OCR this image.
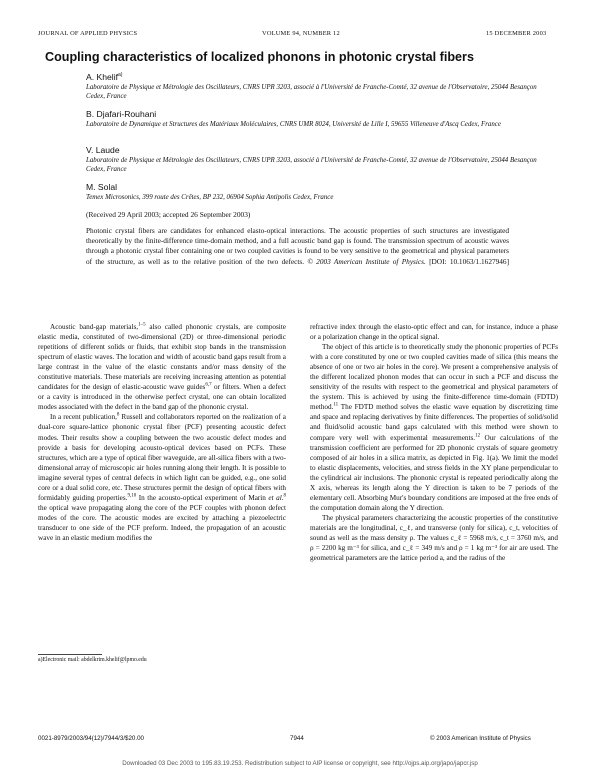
JOURNAL OF APPLIED PHYSICS	VOLUME 94, NUMBER 12	15 DECEMBER 2003
Coupling characteristics of localized phonons in photonic crystal fibers
A. Khelif$^{a)}$
Laboratoire de Physique et Métrologie des Oscillateurs, CNRS UPR 3203, associé à l'Université de Franche-Comté, 32 avenue de l'Observatoire, 25044 Besançon Cedex, France
B. Djafari-Rouhani
Laboratoire de Dynamique et Structures des Matériaux Moléculaires, CNRS UMR 8024, Université de Lille I, 59655 Villeneuve d'Ascq Cedex, France
V. Laude
Laboratoire de Physique et Métrologie des Oscillateurs, CNRS UPR 3203, associé à l'Université de Franche-Comté, 32 avenue de l'Observatoire, 25044 Besançon Cedex, France
M. Solal
Temex Microsonics, 399 route des Crêtes, BP 232, 06904 Sophia Antipolis Cedex, France
(Received 29 April 2003; accepted 26 September 2003)
Photonic crystal fibers are candidates for enhanced elasto-optical interactions. The acoustic properties of such structures are investigated theoretically by the finite-difference time-domain method, and a full acoustic band gap is found. The transmission spectrum of acoustic waves through a photonic crystal fiber containing one or two coupled cavities is found to be very sensitive to the geometrical and physical parameters of the structure, as well as to the relative position of the two defects. © 2003 American Institute of Physics. [DOI: 10.1063/1.1627946]

Acoustic band-gap materials,$^{1-5}$ also called phononic crystals, are composite elastic media, constituted of two-dimensional (2D) or three-dimensional periodic repetitions of different solids or fluids, that exhibit stop bands in the transmission spectrum of elastic waves. The location and width of acoustic band gaps result from a large contrast in the value of the elastic constants and/or mass density of the constitutive materials. These materials are receiving increasing attention as potential candidates for the design of elastic-acoustic wave guides$^{6,7}$ or filters. When a defect or a cavity is introduced in the otherwise perfect crystal, one can obtain localized modes associated with the defect in the band gap of the phononic crystal.

In a recent publication,$^8$ Russell and collaborators reported on the realization of a dual-core square-lattice phononic crystal fiber (PCF) presenting acoustic defect modes. Their results show a coupling between the two acoustic defect modes and provide a basis for developing acousto-optical devices based on PCFs. These structures, which are a type of optical fiber waveguide, are all-silica fibers with a two-dimensional array of microscopic air holes running along their length. It is possible to imagine several types of central defects in which light can be guided, e.g., one solid core or a dual solid core, etc. These structures permit the design of optical fibers with formidably guiding properties.$^{9,10}$ In the acousto-optical experiment of Marin et al.$^8$ the optical wave propagating along the core of the PCF couples with phonon defect modes of the core. The acoustic modes are excited by attaching a piezoelectric transducer to one side of the PCF preform. Indeed, the propagation of an acoustic wave in an elastic medium modifies the

refractive index through the elasto-optic effect and can, for instance, induce a phase or a polarization change in the optical signal.

The object of this article is to theoretically study the phononic properties of PCFs with a core constituted by one or two coupled cavities made of silica (this means the absence of one or two air holes in the core). We present a comprehensive analysis of the different localized phonon modes that can occur in such a PCF and discuss the sensitivity of the results with respect to the geometrical and physical parameters of the system. This is achieved by using the finite-difference time-domain (FDTD) method.$^{11}$ The FDTD method solves the elastic wave equation by discretizing time and space and replacing derivatives by finite differences. The properties of solid/solid and fluid/solid acoustic band gaps calculated with this method were shown to compare very well with experimental measurements.$^{12}$ Our calculations of the transmission coefficient are performed for 2D phononic crystals of square geometry composed of air holes in a silica matrix, as depicted in Fig. 1(a). We limit the model to elastic displacements, velocities, and stress fields in the XY plane perpendicular to the cylindrical air inclusions. The phononic crystal is repeated periodically along the X axis, whereas its length along the Y direction is taken to be 7 periods of the elementary cell. Absorbing Mur's boundary conditions are imposed at the free ends of the computation domain along the Y direction.

The physical parameters characterizing the acoustic properties of the constitutive materials are the longitudinal, c_ℓ, and transverse (only for silica), c_t, velocities of sound as well as the mass density ρ. The values c_ℓ = 5968 m/s, c_t = 3760 m/s, and ρ = 2200 kg m⁻³ for silica, and c_ℓ = 349 m/s and ρ = 1 kg m⁻³ for air are used. The geometrical parameters are the lattice period a, and the radius of the

a)Electronic mail: abdelkrim.khelif@lpmo.edu
0021-8979/2003/94(12)/7944/3/$20.00	7944	© 2003 American Institute of Physics
Downloaded 03 Dec 2003 to 195.83.19.253. Redistribution subject to AIP license or copyright, see http://ojps.aip.org/japo/japcr.jsp
